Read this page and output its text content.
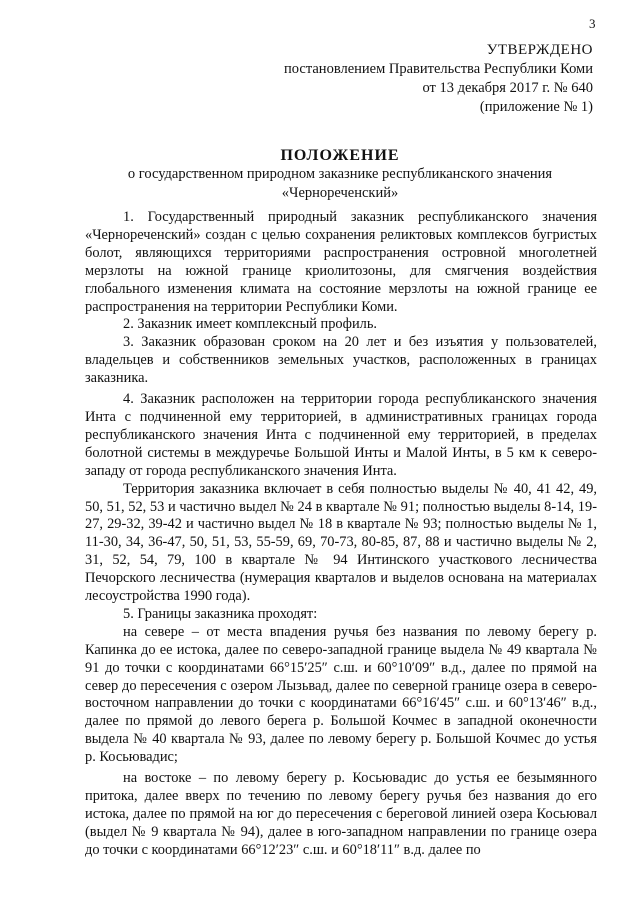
3
УТВЕРЖДЕНО
постановлением Правительства Республики Коми
от 13 декабря 2017 г. № 640
(приложение № 1)
ПОЛОЖЕНИЕ
о государственном природном заказнике республиканского значения
«Чернореченский»

1. Государственный природный заказник республиканского значения «Чернореченский» создан с целью сохранения реликтовых комплексов бугристых болот, являющихся территориями распространения островной многолетней мерзлоты на южной границе криолитозоны, для смягчения воздействия глобального изменения климата на состояние мерзлоты на южной границе ее распространения на территории Республики Коми.

2. Заказник имеет комплексный профиль.

3. Заказник образован сроком на 20 лет и без изъятия у пользователей, владельцев и собственников земельных участков, расположенных в границах заказника.

4. Заказник расположен на территории города республиканского значения Инта с подчиненной ему территорией, в административных границах города республиканского значения Инта с подчиненной ему территорией, в пределах болотной системы в междуречье Большой Инты и Малой Инты, в 5 км к северо-западу от города республиканского значения Инта.

Территория заказника включает в себя полностью выделы № 40, 41 42, 49, 50, 51, 52, 53 и частично выдел № 24 в квартале № 91; полностью выделы 8-14, 19-27, 29-32, 39-42 и частично выдел № 18 в квартале № 93; полностью выделы № 1, 11-30, 34, 36-47, 50, 51, 53, 55-59, 69, 70-73, 80-85, 87, 88 и частично выделы № 2, 31, 52, 54, 79, 100 в квартале № 94 Интинского участкового лесничества Печорского лесничества (нумерация кварталов и выделов основана на материалах лесоустройства 1990 года).

5. Границы заказника проходят:

на севере – от места впадения ручья без названия по левому берегу р. Капинка до ее истока, далее по северо-западной границе выдела № 49 квартала № 91 до точки с координатами 66°15′25″ с.ш. и 60°10′09″ в.д., далее по прямой на север до пересечения с озером Лызьвад, далее по северной границе озера в северо-восточном направлении до точки с координатами 66°16′45″ с.ш. и 60°13′46″ в.д., далее по прямой до левого берега р. Большой Кочмес в западной оконечности выдела № 40 квартала № 93, далее по левому берегу р. Большой Кочмес до устья р. Косьювадис;

на востоке – по левому берегу р. Косьювадис до устья ее безымянного притока, далее вверх по течению по левому берегу ручья без названия до его истока, далее по прямой на юг до пересечения с береговой линией озера Косьювал (выдел № 9 квартала № 94), далее в юго-западном направлении по границе озера до точки с координатами 66°12′23″ с.ш. и 60°18′11″ в.д. далее по
